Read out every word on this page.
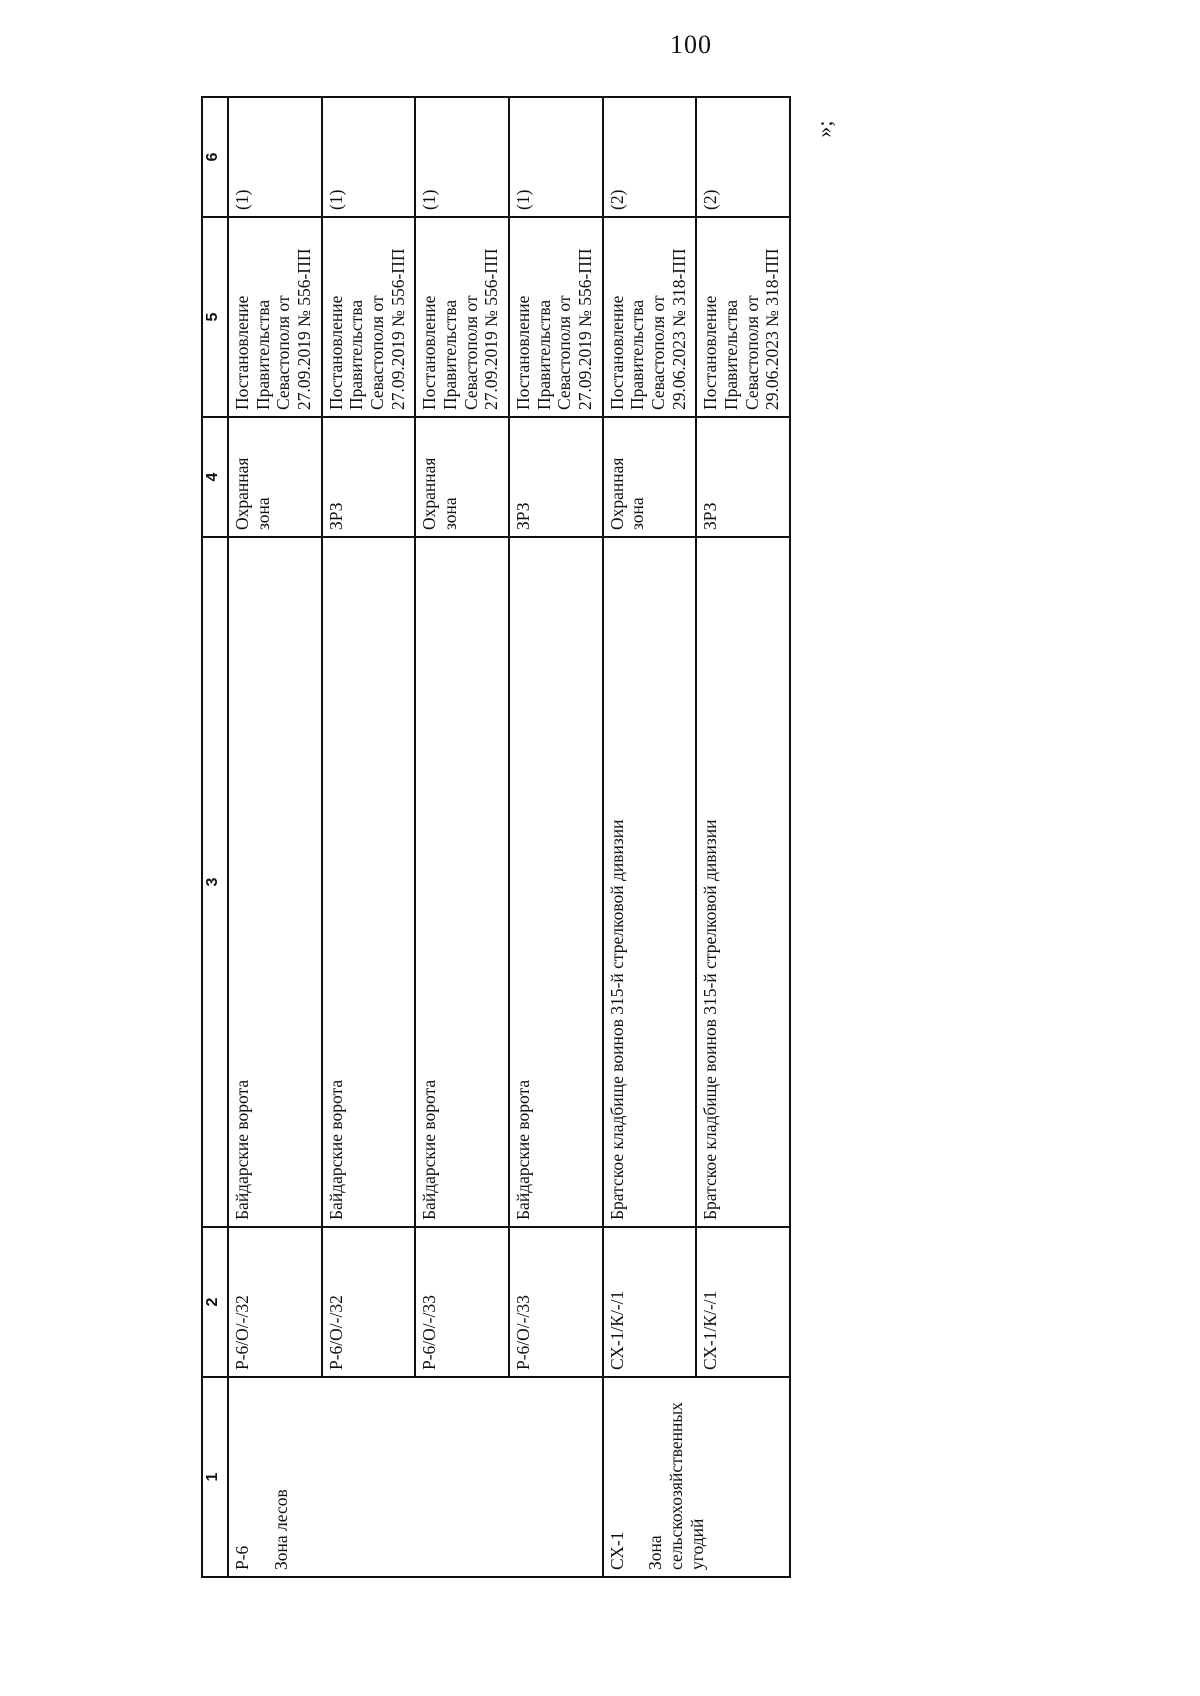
100
1	2	3	4	5	6

Р-6 Зона лесов	Р-6/О/-/32	Байдарские ворота	Охранная зона	Постановление Правительства Севастополя от 27.09.2019 № 556-ПП	(1)
	Р-6/О/-/32	Байдарские ворота	ЗРЗ	Постановление Правительства Севастополя от 27.09.2019 № 556-ПП	(1)
	Р-6/О/-/33	Байдарские ворота	Охранная зона	Постановление Правительства Севастополя от 27.09.2019 № 556-ПП	(1)
	Р-6/О/-/33	Байдарские ворота	ЗРЗ	Постановление Правительства Севастополя от 27.09.2019 № 556-ПП	(1)

СХ-1 Зона сельскохозяйственных угодий	СХ-1/К/-/1	Братское кладбище воинов 315-й стрелковой дивизии	Охранная зона	Постановление Правительства Севастополя от 29.06.2023 № 318-ПП	(2)
	СХ-1/К/-/1	Братское кладбище воинов 315-й стрелковой дивизии	ЗРЗ	Постановление Правительства Севастополя от 29.06.2023 № 318-ПП	(2)
»;
